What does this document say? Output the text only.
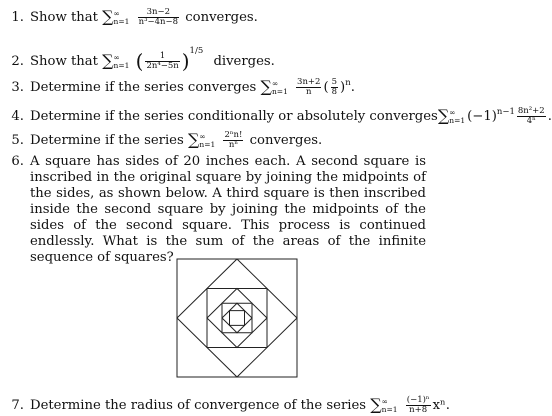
1. Show that ∑∞
$n=1 \frac{3n-2}{\text{n³−4n−8}}$ converges.
2. Show that ∑∞
n=1 ( $\frac{1}{\text{2n⁴−5n}} )^{1/5}$ diverges.
3. Determine if the series converges ∑∞
$n=1 \frac{3n+2}{n}$ ( $\frac{5}{8} )^n$.
4. Determine if the series conditionally or absolutely converges∑∞
n=1 $(-1)^{n-1} \frac{\text{8n²+2}}{\text{4ⁿ}}$ .
5. Determine if the series ∑∞
$n=1 \frac{\text{2ⁿn!}}{\text{nⁿ}}$ converges.
6. A square has sides of 20 inches each. A second square is inscribed in the original square by joining the midpoints of the sides, as shown below. A third square is then inscribed inside the second square by joining the midpoints of the sides of the second square. This process is continued endlessly. What is the sum of the areas of the infinite sequence of squares?
7. Determine the radius of convergence of the series ∑∞
$n=1 \frac{\text{(−1)ⁿ}}{n+8} x^n$.
